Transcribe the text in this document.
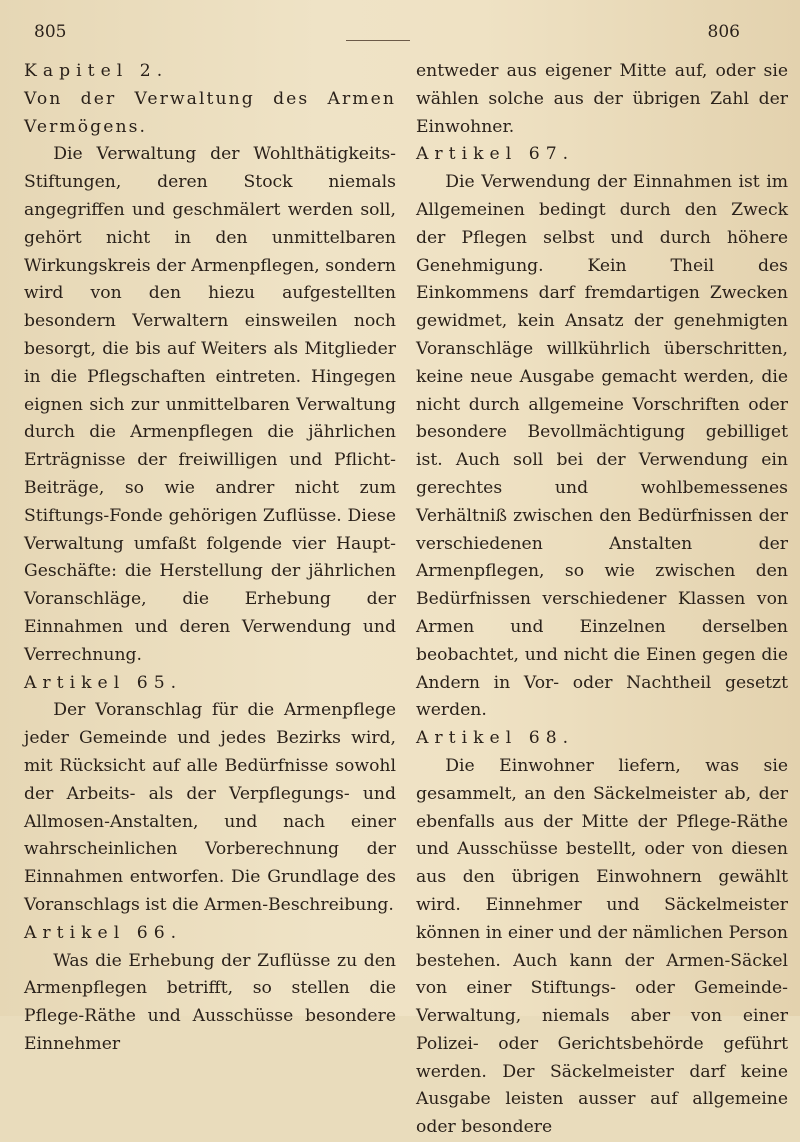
805	806

Kapitel 2.

Von der Verwaltung des Armen Vermögens.

Die Verwaltung der Wohlthätigkeits-Stiftungen, deren Stock niemals angegriffen und geschmälert werden soll, gehört nicht in den unmittelbaren Wirkungskreis der Armenpflegen, sondern wird von den hiezu aufgestellten besondern Verwaltern einsweilen noch besorgt, die bis auf Weiters als Mitglieder in die Pflegschaften eintreten. Hingegen eignen sich zur unmittelbaren Verwaltung durch die Armenpflegen die jährlichen Erträgnisse der freiwilligen und Pflicht-Beiträge, so wie andrer nicht zum Stiftungs-Fonde gehörigen Zuflüsse. Diese Verwaltung umfaßt folgende vier Haupt-Geschäfte: die Herstellung der jährlichen Voranschläge, die Erhebung der Einnahmen und deren Verwendung und Verrechnung.

Artikel 65.

Der Voranschlag für die Armenpflege jeder Gemeinde und jedes Bezirks wird, mit Rücksicht auf alle Bedürfnisse sowohl der Arbeits- als der Verpflegungs- und Allmosen-Anstalten, und nach einer wahrscheinlichen Vorberechnung der Einnahmen entworfen. Die Grundlage des Voranschlags ist die Armen-Beschreibung.

Artikel 66.

Was die Erhebung der Zuflüsse zu den Armenpflegen betrifft, so stellen die Pflege-Räthe und Ausschüsse besondere Einnehmer

entweder aus eigener Mitte auf, oder sie wählen solche aus der übrigen Zahl der Einwohner.

Artikel 67.

Die Verwendung der Einnahmen ist im Allgemeinen bedingt durch den Zweck der Pflegen selbst und durch höhere Genehmigung. Kein Theil des Einkommens darf fremdartigen Zwecken gewidmet, kein Ansatz der genehmigten Voranschläge willkührlich überschritten, keine neue Ausgabe gemacht werden, die nicht durch allgemeine Vorschriften oder besondere Bevollmächtigung gebilliget ist. Auch soll bei der Verwendung ein gerechtes und wohlbemessenes Verhältniß zwischen den Bedürfnissen der verschiedenen Anstalten der Armenpflegen, so wie zwischen den Bedürfnissen verschiedener Klassen von Armen und Einzelnen derselben beobachtet, und nicht die Einen gegen die Andern in Vor- oder Nachtheil gesetzt werden.

Artikel 68.

Die Einwohner liefern, was sie gesammelt, an den Säckelmeister ab, der ebenfalls aus der Mitte der Pflege-Räthe und Ausschüsse bestellt, oder von diesen aus den übrigen Einwohnern gewählt wird. Einnehmer und Säckelmeister können in einer und der nämlichen Person bestehen. Auch kann der Armen-Säckel von einer Stiftungs- oder Gemeinde-Verwaltung, niemals aber von einer Polizei- oder Gerichtsbehörde geführt werden. Der Säckelmeister darf keine Ausgabe leisten ausser auf allgemeine oder besondere
